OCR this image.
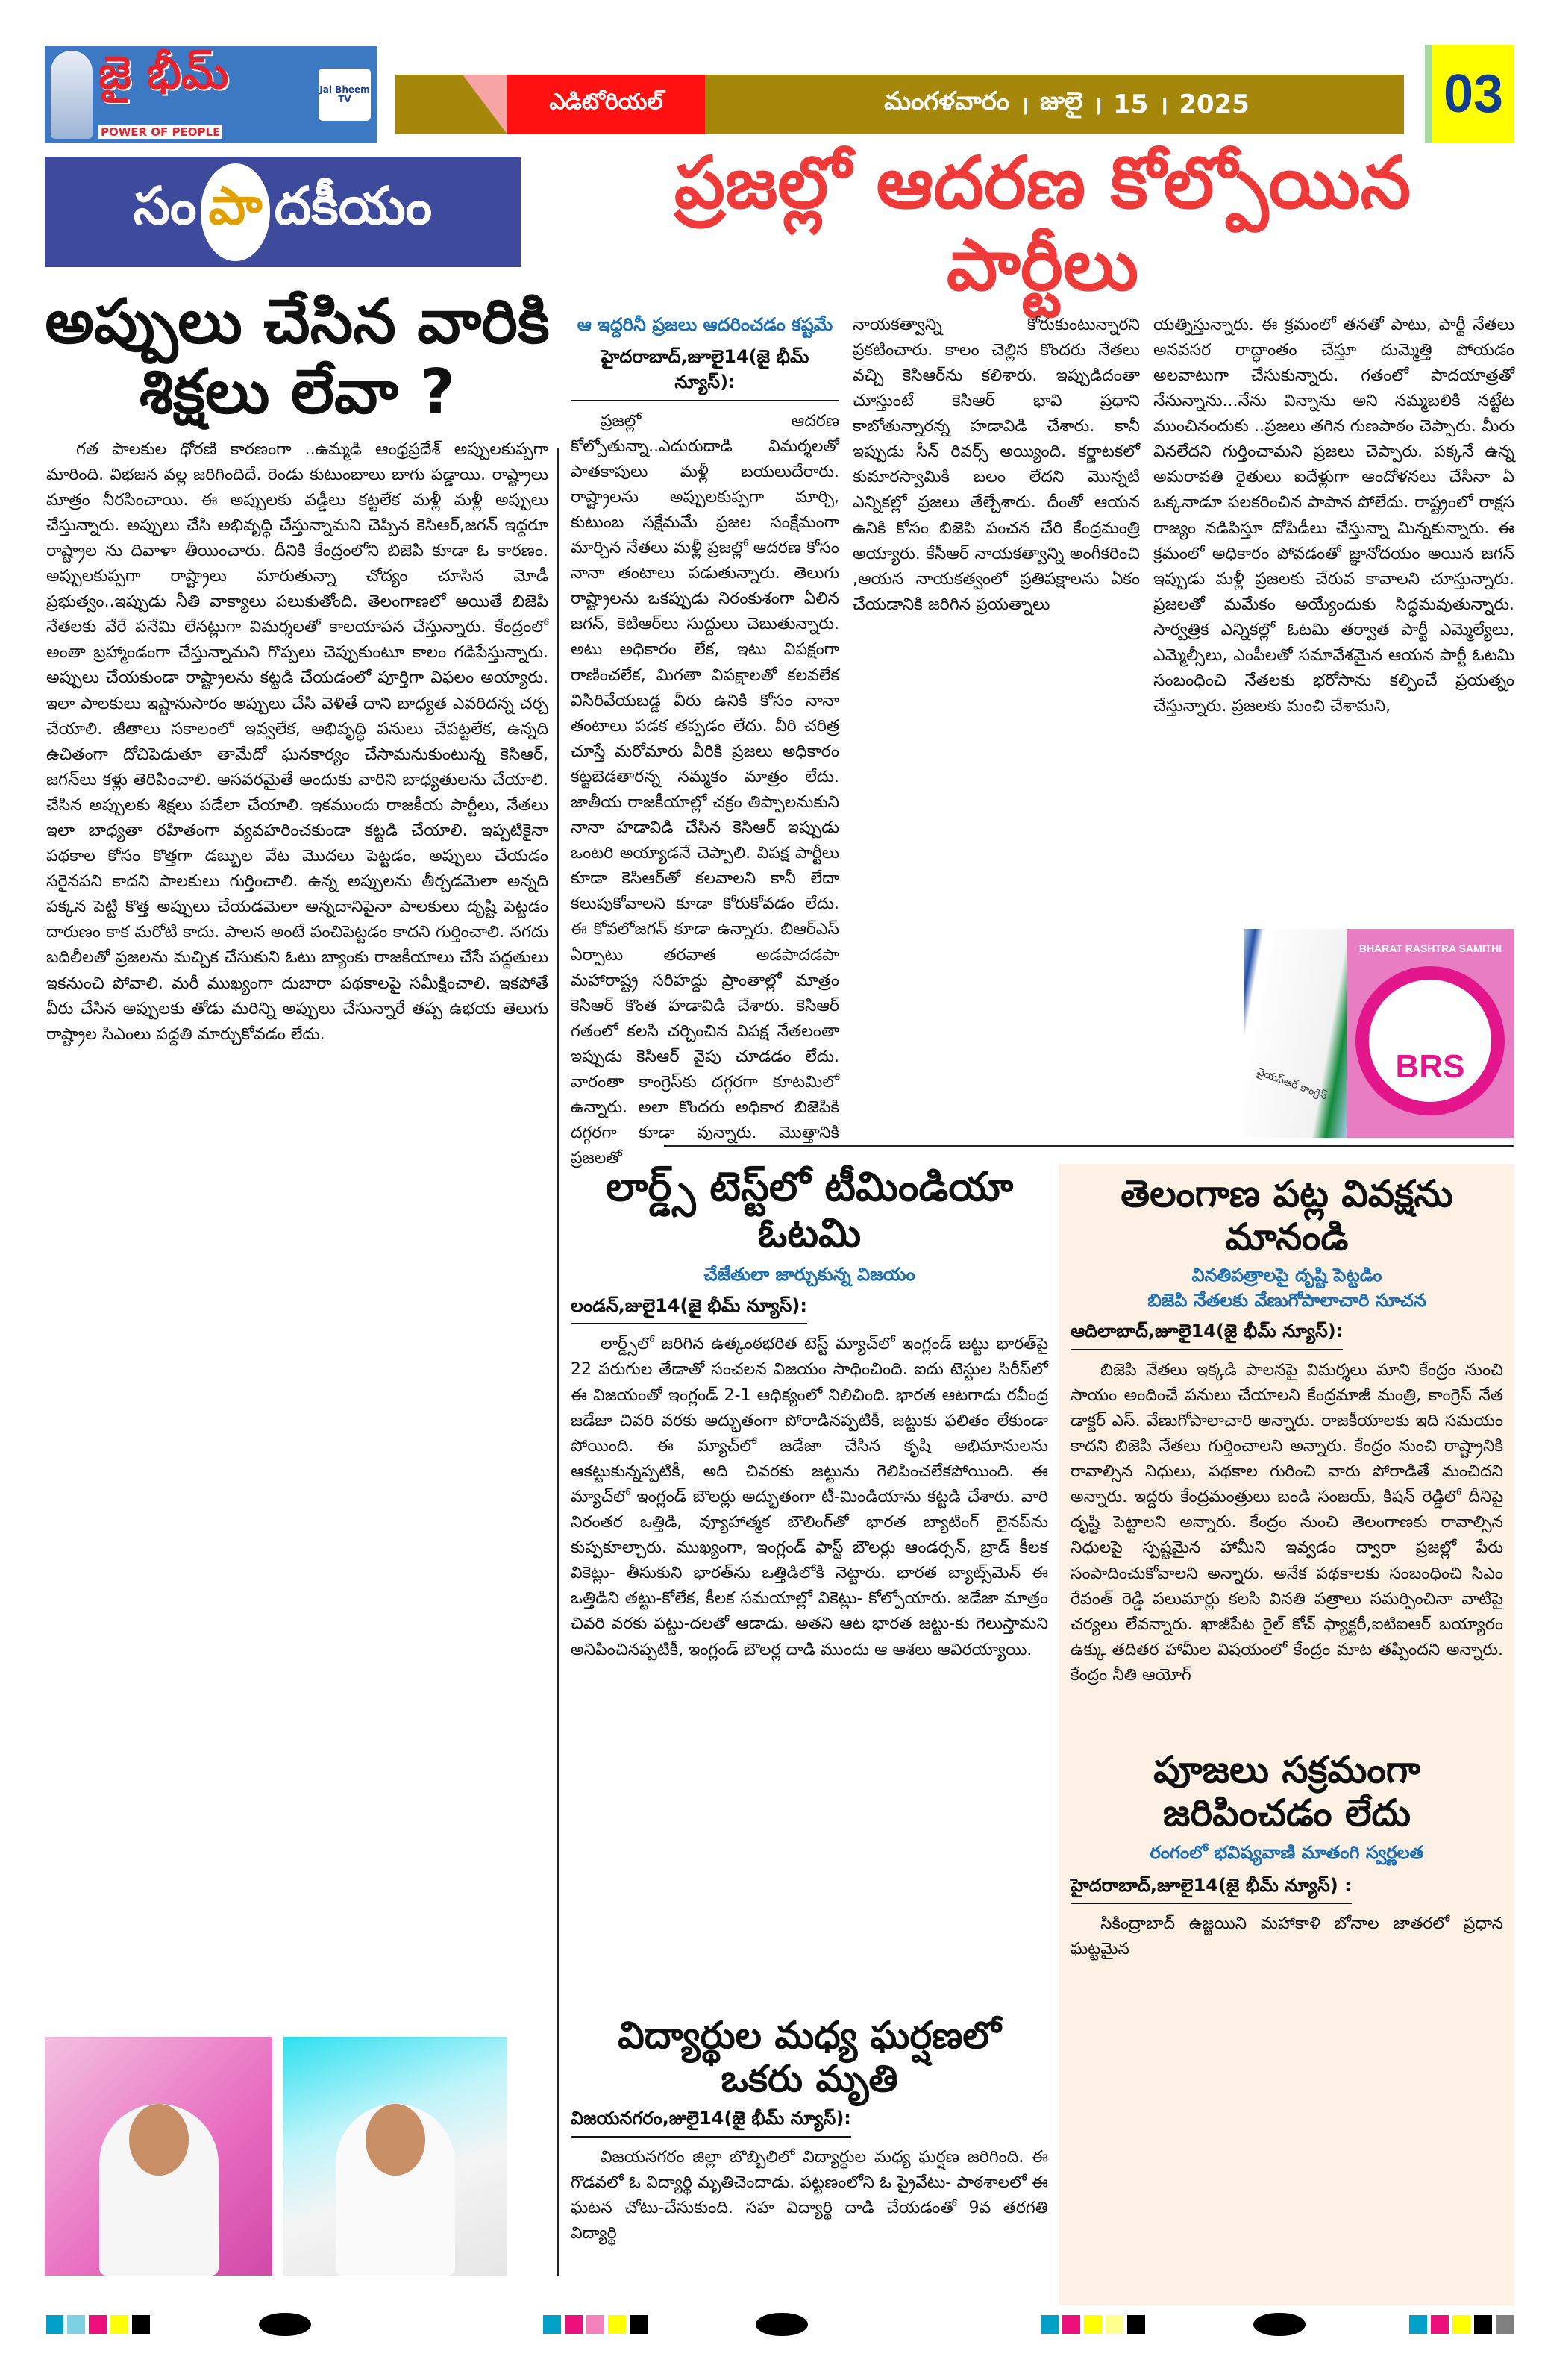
జై భీమ్
POWER OF PEOPLE
Jai Bheem TV	ఎడిటోరియల్	మంగళవారం । జులై । 15 । 2025	03
సం పా దకీయం
అప్పులు చేసిన వారికి శిక్షలు లేవా ?

గత పాలకుల ధోరణి కారణంగా ..ఉమ్మడి ఆంధ్రప్రదేశ్ అప్పులకుప్పగా మారింది. విభజన వల్ల జరిగిందిదే. రెండు కుటుంబాలు బాగు పడ్డాయి. రాష్ట్రాలు మాత్రం నీరసించాయి. ఈ అప్పులకు వడ్డీలు కట్టలేక మళ్లీ మళ్లీ అప్పులు చేస్తున్నారు. అప్పులు చేసి అభివృద్ధి చేస్తున్నామని చెప్పిన కెసిఆర్,జగన్ ఇద్దరూ రాష్ట్రాల ను దివాళా తీయించారు. దీనికి కేంద్రంలోని బిజెపి కూడా ఓ కారణం. అప్పులకుప్పగా రాష్ట్రాలు మారుతున్నా చోద్యం చూసిన మోడీ ప్రభుత్వం..ఇప్పుడు నీతి వాక్యాలు పలుకుతోంది. తెలంగాణలో అయితే బిజెపి నేతలకు వేరే పనేమి లేనట్లుగా విమర్శలతో కాలయాపన చేస్తున్నారు. కేంద్రంలో అంతా బ్రహ్మాండంగా చేస్తున్నామని గొప్పలు చెప్పుకుంటూ కాలం గడిపేస్తున్నారు. అప్పులు చేయకుండా రాష్ట్రాలను కట్టడి చేయడంలో పూర్తిగా విఫలం అయ్యారు. ఇలా పాలకులు ఇష్టానుసారం అప్పులు చేసి వెళితే దాని బాధ్యత ఎవరిదన్న చర్చ చేయాలి. జీతాలు సకాలంలో ఇవ్వలేక, అభివృద్ధి పనులు చేపట్టలేక, ఉన్నది ఉచితంగా దోచిపెడుతూ తామేదో ఘనకార్యం చేసామనుకుంటున్న కెసిఆర్, జగన్‌లు కళ్లు తెరిపించాలి. అసవరమైతే అందుకు వారిని బాధ్యతులను చేయాలి. చేసిన అప్పులకు శిక్షలు పడేలా చేయాలి. ఇకముందు రాజకీయ పార్టీలు, నేతలు ఇలా బాధ్యతా రహితంగా వ్యవహరించకుండా కట్టడి చేయాలి. ఇప్పటికైనా పథకాల కోసం కొత్తగా డబ్బుల వేట మొదలు పెట్టడం, అప్పులు చేయడం సరైనపని కాదని పాలకులు గుర్తించాలి. ఉన్న అప్పులను తీర్చడమెలా అన్నది పక్కన పెట్టి కొత్త అప్పులు చేయడమెలా అన్నదానిపైనా పాలకులు దృష్టి పెట్టడం దారుణం కాక మరోటి కాదు. పాలన అంటే పంచిపెట్టడం కాదని గుర్తించాలి. నగదు బదిలీలతో ప్రజలను మచ్చిక చేసుకుని ఓటు బ్యాంకు రాజకీయాలు చేసే పద్దతులు ఇకనుంచి పోవాలి. మరీ ముఖ్యంగా దుబారా పథకాలపై సమీక్షించాలి. ఇకపోతే వీరు చేసిన అప్పులకు తోడు మరిన్ని అప్పులు చేసున్నారే తప్ప ఉభయ తెలుగు రాష్ట్రాల సిఎంలు పద్దతి మార్చుకోవడం లేదు.

ప్రజల్లో ఆదరణ కోల్పోయిన పార్టీలు
ఆ ఇద్దరినీ ప్రజలు ఆదరించడం కష్టమే
హైదరాబాద్,జూలై14(జై భీమ్ న్యూస్):

ప్రజల్లో ఆదరణ కోల్పోతున్నా..ఎదురుదాడి విమర్శలతో పాతకాపులు మళ్లీ బయలుదేరారు. రాష్ట్రాలను అప్పులకుప్పగా మార్చి, కుటుంబ సక్షేమమే ప్రజల సంక్షేమంగా మార్చిన నేతలు మళ్లీ ప్రజల్లో ఆదరణ కోసం నానా తంటాలు పడుతున్నారు. తెలుగు రాష్ట్రాలను ఒకప్పుడు నిరంకుశంగా ఏలిన జగన్, కెటిఆర్‌లు సుద్దులు చెబుతున్నారు. అటు అధికారం లేక, ఇటు విపక్షంగా రాణించలేక, మిగతా విపక్షాలతో కలవలేక విసిరివేయబడ్డ వీరు ఉనికి కోసం నానా తంటాలు పడక తప్పడం లేదు. వీరి చరిత్ర చూస్తే మరోమారు వీరికి ప్రజలు అధికారం కట్టబెడతారన్న నమ్మకం మాత్రం లేదు. జాతీయ రాజకీయాల్లో చక్రం తిప్పాలనుకుని నానా హడావిడి చేసిన కెసిఆర్ ఇప్పుడు ఒంటరి అయ్యాడనే చెప్పాలి. విపక్ష పార్టీలు కూడా కెసిఆర్‌తో కలవాలని కానీ లేదా కలుపుకోవాలని కూడా కోరుకోవడం లేదు. ఈ కోవలోజగన్ కూడా ఉన్నారు. బిఆర్‌ఎస్ ఏర్పాటు తరవాత అడపాదడపా మహారాష్ట్ర సరిహద్దు ప్రాంతాల్లో మాత్రం కెసిఆర్ కొంత హడావిడి చేశారు. కెసిఆర్ గతంలో కలసి చర్చించిన విపక్ష నేతలంతా ఇప్పుడు కెసిఆర్ వైపు చూడడం లేదు. వారంతా కాంగ్రెస్‌కు దగ్గరగా కూటమిలో ఉన్నారు. అలా కొందరు అధికార బిజెపికి దగ్గరగా కూడా వున్నారు. మొత్తానికి ప్రజలతో

నాయకత్వాన్ని కోరుకుంటున్నారని ప్రకటించారు. కాలం చెల్లిన కొందరు నేతలు వచ్చి కెసిఆర్‌ను కలిశారు. ఇప్పుడిదంతా చూస్తుంటే కెసిఆర్ భావి ప్రధాని కాబోతున్నారన్న హడావిడి చేశారు. కానీ ఇప్పుడు సీన్ రివర్స్ అయ్యింది. కర్ణాటకలో కుమారస్వామికి బలం లేదని మొన్నటి ఎన్నికల్లో ప్రజలు తేల్చేశారు. దీంతో ఆయన ఉనికి కోసం బిజెపి పంచన చేరి కేంద్రమంత్రి అయ్యారు. కేసీఆర్ నాయకత్వాన్ని అంగీకరించి ,ఆయన నాయకత్వంలో ప్రతిపక్షాలను ఏకం చేయడానికి జరిగిన ప్రయత్నాలు

యత్నిస్తున్నారు. ఈ క్రమంలో తనతో పాటు, పార్టీ నేతలు అనవసర రాద్ధాంతం చేస్తూ దుమ్మెత్తి పోయడం అలవాటుగా చేసుకున్నారు. గతంలో పాదయాత్రతో నేనున్నాను...నేను విన్నాను అని నమ్మబలికి నట్టేట ముంచినందుకు ..ప్రజలు తగిన గుణపాఠం చెప్పారు. మీరు వినలేదని గుర్తించామని ప్రజలు చెప్పారు. పక్కనే ఉన్న అమరావతి రైతులు ఐదేళ్లుగా ఆందోళనలు చేసినా ఏ ఒక్కనాడూ పలకరించిన పాపాన పోలేదు. రాష్ట్రంలో రాక్షస రాజ్యం నడిపిస్తూ దోపిడీలు చేస్తున్నా మిన్నకున్నారు. ఈ క్రమంలో అధికారం పోవడంతో జ్ఞానోదయం అయిన జగన్ ఇప్పుడు మళ్లీ ప్రజలకు చేరువ కావాలని చూస్తున్నారు. ప్రజలతో మమేకం అయ్యేందుకు సిద్ధమవుతున్నారు. సార్వత్రిక ఎన్నికల్లో ఓటమి తర్వాత పార్టీ ఎమ్మెల్యేలు, ఎమ్మెల్సీలు, ఎంపీలతో సమావేశమైన ఆయన పార్టీ ఓటమి సంబంధించి నేతలకు భరోసాను కల్పించే ప్రయత్నం చేస్తున్నారు. ప్రజలకు మంచి చేశామని,

వైయస్ఆర్ కాంగ్రెస్
BHARAT RASHTRA SAMITHI
BRS
లార్డ్స్ టెస్ట్‌లో టీమిండియా ఓటమి
చేజేతులా జార్చుకున్న విజయం
లండన్,జులై14(జై భీమ్ న్యూస్):

లార్డ్స్‌లో జరిగిన ఉత్కంఠభరిత టెస్ట్ మ్యాచ్‌లో ఇంగ్లండ్ జట్టు భారత్‌పై 22 పరుగుల తేడాతో సంచలన విజయం సాధించింది. ఐదు టెస్టుల సిరీస్‌లో ఈ విజయంతో ఇంగ్లండ్ 2-1 ఆధిక్యంలో నిలిచింది. భారత ఆటగాడు రవీంద్ర జడేజా చివరి వరకు అద్భుతంగా పోరాడినప్పటికీ, జట్టుకు ఫలితం లేకుండా పోయింది. ఈ మ్యాచ్‌లో జడేజా చేసిన కృషి అభిమానులను ఆకట్టుకున్నప్పటికీ, అది చివరకు జట్టును గెలిపించలేకపోయింది. ఈ మ్యాచ్‌లో ఇంగ్లండ్ బౌలర్లు అద్భుతంగా టీ-మిండియాను కట్టడి చేశారు. వారి నిరంతర ఒత్తిడి, వ్యూహాత్మక బౌలింగ్‌తో భారత బ్యాటింగ్ లైనప్‌ను కుప్పకూల్చారు. ముఖ్యంగా, ఇంగ్లండ్ ఫాస్ట్ బౌలర్లు ఆండర్సన్, బ్రాడ్ కీలక వికెట్లు- తీసుకుని భారత్‌ను ఒత్తిడిలోకి నెట్టారు. భారత బ్యాట్స్‌మెన్ ఈ ఒత్తిడిని తట్టు-కోలేక, కీలక సమయాల్లో వికెట్లు- కోల్పోయారు. జడేజా మాత్రం చివరి వరకు పట్టు-దలతో ఆడాడు. అతని ఆట భారత జట్టు-కు గెలుస్తామని అనిపించినప్పటికీ, ఇంగ్లండ్ బౌలర్ల దాడి ముందు ఆ ఆశలు ఆవిరయ్యాయి.

విద్యార్థుల మధ్య ఘర్షణలో ఒకరు మృతి
విజయనగరం,జులై14(జై భీమ్ న్యూస్):

విజయనగరం జిల్లా బొబ్బిలిలో విద్యార్థుల మధ్య ఘర్షణ జరిగింది. ఈ గొడవలో ఓ విద్యార్థి మృతిచెందాడు. పట్టణంలోని ఓ ప్రైవేటు- పాఠశాలలో ఈ ఘటన చోటు-చేసుకుంది. సహ విద్యార్థి దాడి చేయడంతో 9వ తరగతి విద్యార్థి

తెలంగాణ పట్ల వివక్షను మానండి
వినతిపత్రాలపై దృష్టి పెట్టడిం
బిజెపి నేతలకు వేణుగోపాలాచారి సూచన
ఆదిలాబాద్,జూలై14(జై భీమ్ న్యూస్):

బిజెపి నేతలు ఇక్కడి పాలనపై విమర్శలు మాని కేంద్రం నుంచి సాయం అందించే పనులు చేయాలని కేంద్రమాజీ మంత్రి, కాంగ్రెస్ నేత డాక్టర్ ఎస్. వేణుగోపాలాచారి అన్నారు. రాజకీయాలకు ఇది సమయం కాదని బిజెపి నేతలు గుర్తించాలని అన్నారు. కేంద్రం నుంచి రాష్ట్రానికి రావాల్సిన నిధులు, పథకాల గురించి వారు పోరాడితే మంచిదని అన్నారు. ఇద్దరు కేంద్రమంత్రులు బండి సంజయ్, కిషన్ రెడ్డిలో దీనిపై దృష్టి పెట్టాలని అన్నారు. కేంద్రం నుంచి తెలంగాణకు రావాల్సిన నిధులపై స్పష్టమైన హామీని ఇవ్వడం ద్వారా ప్రజల్లో పేరు సంపాదించుకోవాలని అన్నారు. అనేక పథకాలకు సంబంధించి సిఎం రేవంత్ రెడ్డి పలుమార్లు కలసి వినతి పత్రాలు సమర్పించినా వాటిపై చర్యలు లేవన్నారు. ఖాజీపేట రైల్ కోచ్ ఫ్యాక్టరీ,ఐటిఐఆర్ బయ్యారం ఉక్కు తదితర హామీల విషయంలో కేంద్రం మాట తప్పిందని అన్నారు. కేంద్రం నీతి ఆయోగ్

పూజలు సక్రమంగా జరిపించడం లేదు
రంగంలో భవిష్యవాణి మాతంగి స్వర్ణలత
హైదరాబాద్,జూలై14(జై భీమ్ న్యూస్) :

సికింద్రాబాద్ ఉజ్జయిని మహాకాళి బోనాల జాతరలో ప్రధాన ఘట్టమైన
